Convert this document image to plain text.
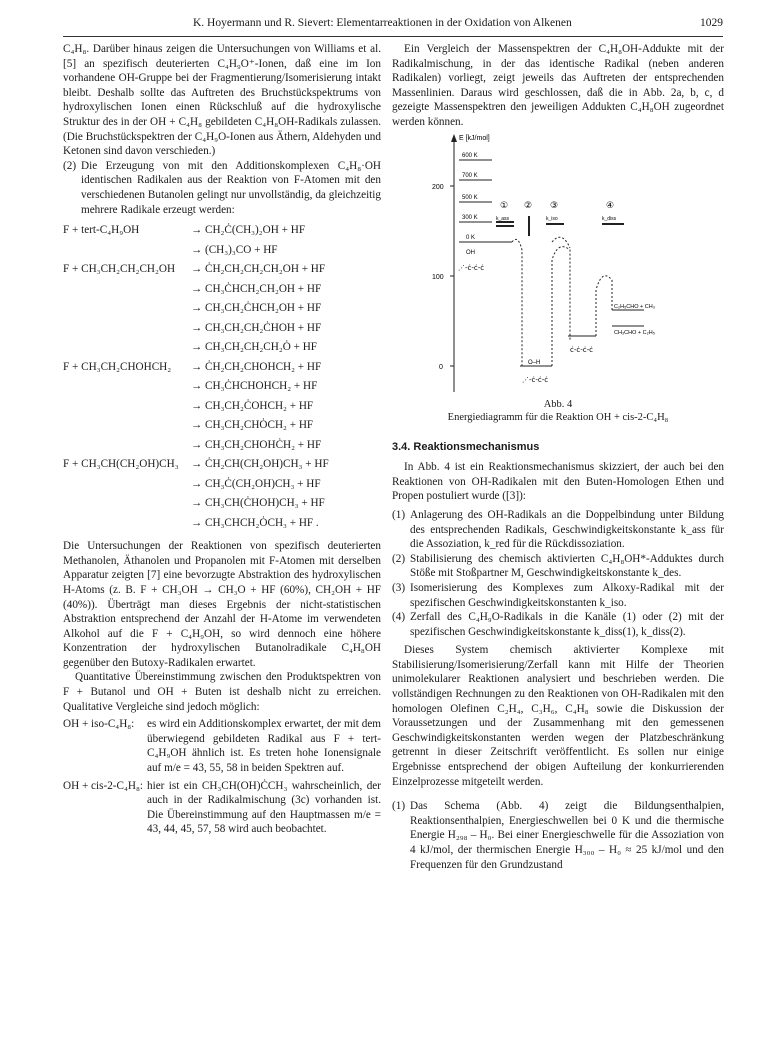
K. Hoyermann und R. Sievert: Elementarreaktionen in der Oxidation von Alkenen	1029

C₄H₈. Darüber hinaus zeigen die Untersuchungen von Williams et al. [5] an spezifisch deuterierten C₄H₉O⁺-Ionen, daß eine im Ion vorhandene OH-Gruppe bei der Fragmentierung/Isomerisierung intakt bleibt. Deshalb sollte das Auftreten des Bruchstückspektrums von hydroxylischen Ionen einen Rückschluß auf die hydroxylische Struktur des in der OH + C₄H₈ gebildeten C₄H₈OH-Radikals zulassen. (Die Bruchstückspektren der C₄H₉O-Ionen aus Äthern, Aldehyden und Ketonen sind davon verschieden.)

(2) Die Erzeugung von mit den Additionskomplexen C₄H₈·OH identischen Radikalen aus der Reaktion von F-Atomen mit den verschiedenen Butanolen gelingt nur unvollständig, da gleichzeitig mehrere Radikale erzeugt werden:
F + tert-C₄H₉OH	→ CH₂Ċ(CH₃)₂OH + HF
→ (CH₃)₃CO + HF
F + CH₃CH₂CH₂CH₂OH	→ ĊH₂CH₂CH₂CH₂OH + HF
→ CH₃ĊHCH₂CH₂OH + HF
→ CH₃CH₂ĊHCH₂OH + HF
→ CH₃CH₂CH₂ĊHOH + HF
→ CH₃CH₂CH₂CH₂Ȯ + HF
F + CH₃CH₂CHOHCH₂	→ ĊH₂CH₂CHOHCH₂ + HF
→ CH₃ĊHCHOHCH₂ + HF
→ CH₃CH₂ĊOHCH₂ + HF
→ CH₃CH₂CHȮCH₂ + HF
→ CH₃CH₂CHOHĊH₂ + HF
F + CH₃CH(CH₂OH)CH₃	→ ĊH₂CH(CH₂OH)CH₃ + HF
→ CH₃Ċ(CH₂OH)CH₃ + HF
→ CH₃CH(ĊHOH)CH₃ + HF
→ CH₃CHCH₂ȮCH₃ + HF .

Die Untersuchungen der Reaktionen von spezifisch deuterierten Methanolen, Äthanolen und Propanolen mit F-Atomen mit derselben Apparatur zeigten [7] eine bevorzugte Abstraktion des hydroxylischen H-Atoms (z. B. F + CH₃OH → CH₃O + HF (60%), CH₂OH + HF (40%)). Überträgt man dieses Ergebnis der nicht-statistischen Abstraktion entsprechend der Anzahl der H-Atome im verwendeten Alkohol auf die F + C₄H₉OH, so wird dennoch eine höhere Konzentration der hydroxylischen Butanolradikale C₄H₈OH gegenüber den Butoxy-Radikalen erwartet.

Quantitative Übereinstimmung zwischen den Produktspektren von F + Butanol und OH + Buten ist deshalb nicht zu erreichen. Qualitative Vergleiche sind jedoch möglich:

OH + iso-C₄H₈:	es wird ein Additionskomplex erwartet, der mit dem überwiegend gebildeten Radikal aus F + tert-C₄H₉OH ähnlich ist. Es treten hohe Ionensignale auf m/e = 43, 55, 58 in beiden Spektren auf.
OH + cis-2-C₄H₈: hier ist ein CH₃CH(OH)ĊCH₃ wahrscheinlich, der auch in der Radikalmischung (3c) vorhanden ist. Die Übereinstimmung auf den Hauptmassen m/e = 43, 44, 45, 57, 58 wird auch beobachtet.

Ein Vergleich der Massenspektren der C₄H₈OH-Addukte mit der Radikalmischung, in der das identische Radikal (neben anderen Radikalen) vorliegt, zeigt jeweils das Auftreten der entsprechenden Massenlinien. Daraus wird geschlossen, daß die in Abb. 2a, b, c, d gezeigte Massenspektren den jeweiligen Addukten C₄H₈OH zugeordnet werden können.

E [kJ/mol]
200
100
0
600 K
700 K
500 K
300 K
0 K
①
k_ass
② ③
k_iso
④
k_diss
OH
⋰-ċ-ċ-ċ
O–H
⋰-ċ-ċ-ċ
ċ-ċ-ċ-ċ
C₂H₅CHO + CH₃
CH₃CHO + C₂H₅
Abb. 4
Energiediagramm für die Reaktion OH + cis-2-C₄H₈
3.4. Reaktionsmechanismus

In Abb. 4 ist ein Reaktionsmechanismus skizziert, der auch bei den Reaktionen von OH-Radikalen mit den Buten-Homologen Ethen und Propen postuliert wurde ([3]):

(1) Anlagerung des OH-Radikals an die Doppelbindung unter Bildung des entsprechenden Radikals, Geschwindigkeitskonstante k_ass für die Assoziation, k_red für die Rückdissoziation.
(2) Stabilisierung des chemisch aktivierten C₄H₈OH*-Adduktes durch Stöße mit Stoßpartner M, Geschwindigkeitskonstante k_des.
(3) Isomerisierung des Komplexes zum Alkoxy-Radikal mit der spezifischen Geschwindigkeitskonstanten k_iso.
(4) Zerfall des C₄H₉O-Radikals in die Kanäle (1) oder (2) mit der spezifischen Geschwindigkeitskonstante k_diss(1), k_diss(2).

Dieses System chemisch aktivierter Komplexe mit Stabilisierung/Isomerisierung/Zerfall kann mit Hilfe der Theorien unimolekularer Reaktionen analysiert und beschrieben werden. Die vollständigen Rechnungen zu den Reaktionen von OH-Radikalen mit den homologen Olefinen C₂H₄, C₃H₆, C₄H₈ sowie die Diskussion der Voraussetzungen und der Zusammenhang mit den gemessenen Geschwindigkeitskonstanten werden wegen der Platzbeschränkung getrennt in dieser Zeitschrift veröffentlicht. Es sollen nur einige Ergebnisse entsprechend der obigen Aufteilung der konkurrierenden Einzelprozesse mitgeteilt werden.

(1) Das Schema (Abb. 4) zeigt die Bildungsenthalpien, Reaktionsenthalpien, Energieschwellen bei 0 K und die thermische Energie H₂₉₈ – H₀. Bei einer Energieschwelle für die Assoziation von 4 kJ/mol, der thermischen Energie H₃₀₀ – H₀ ≈ 25 kJ/mol und den Frequenzen für den Grundzustand
